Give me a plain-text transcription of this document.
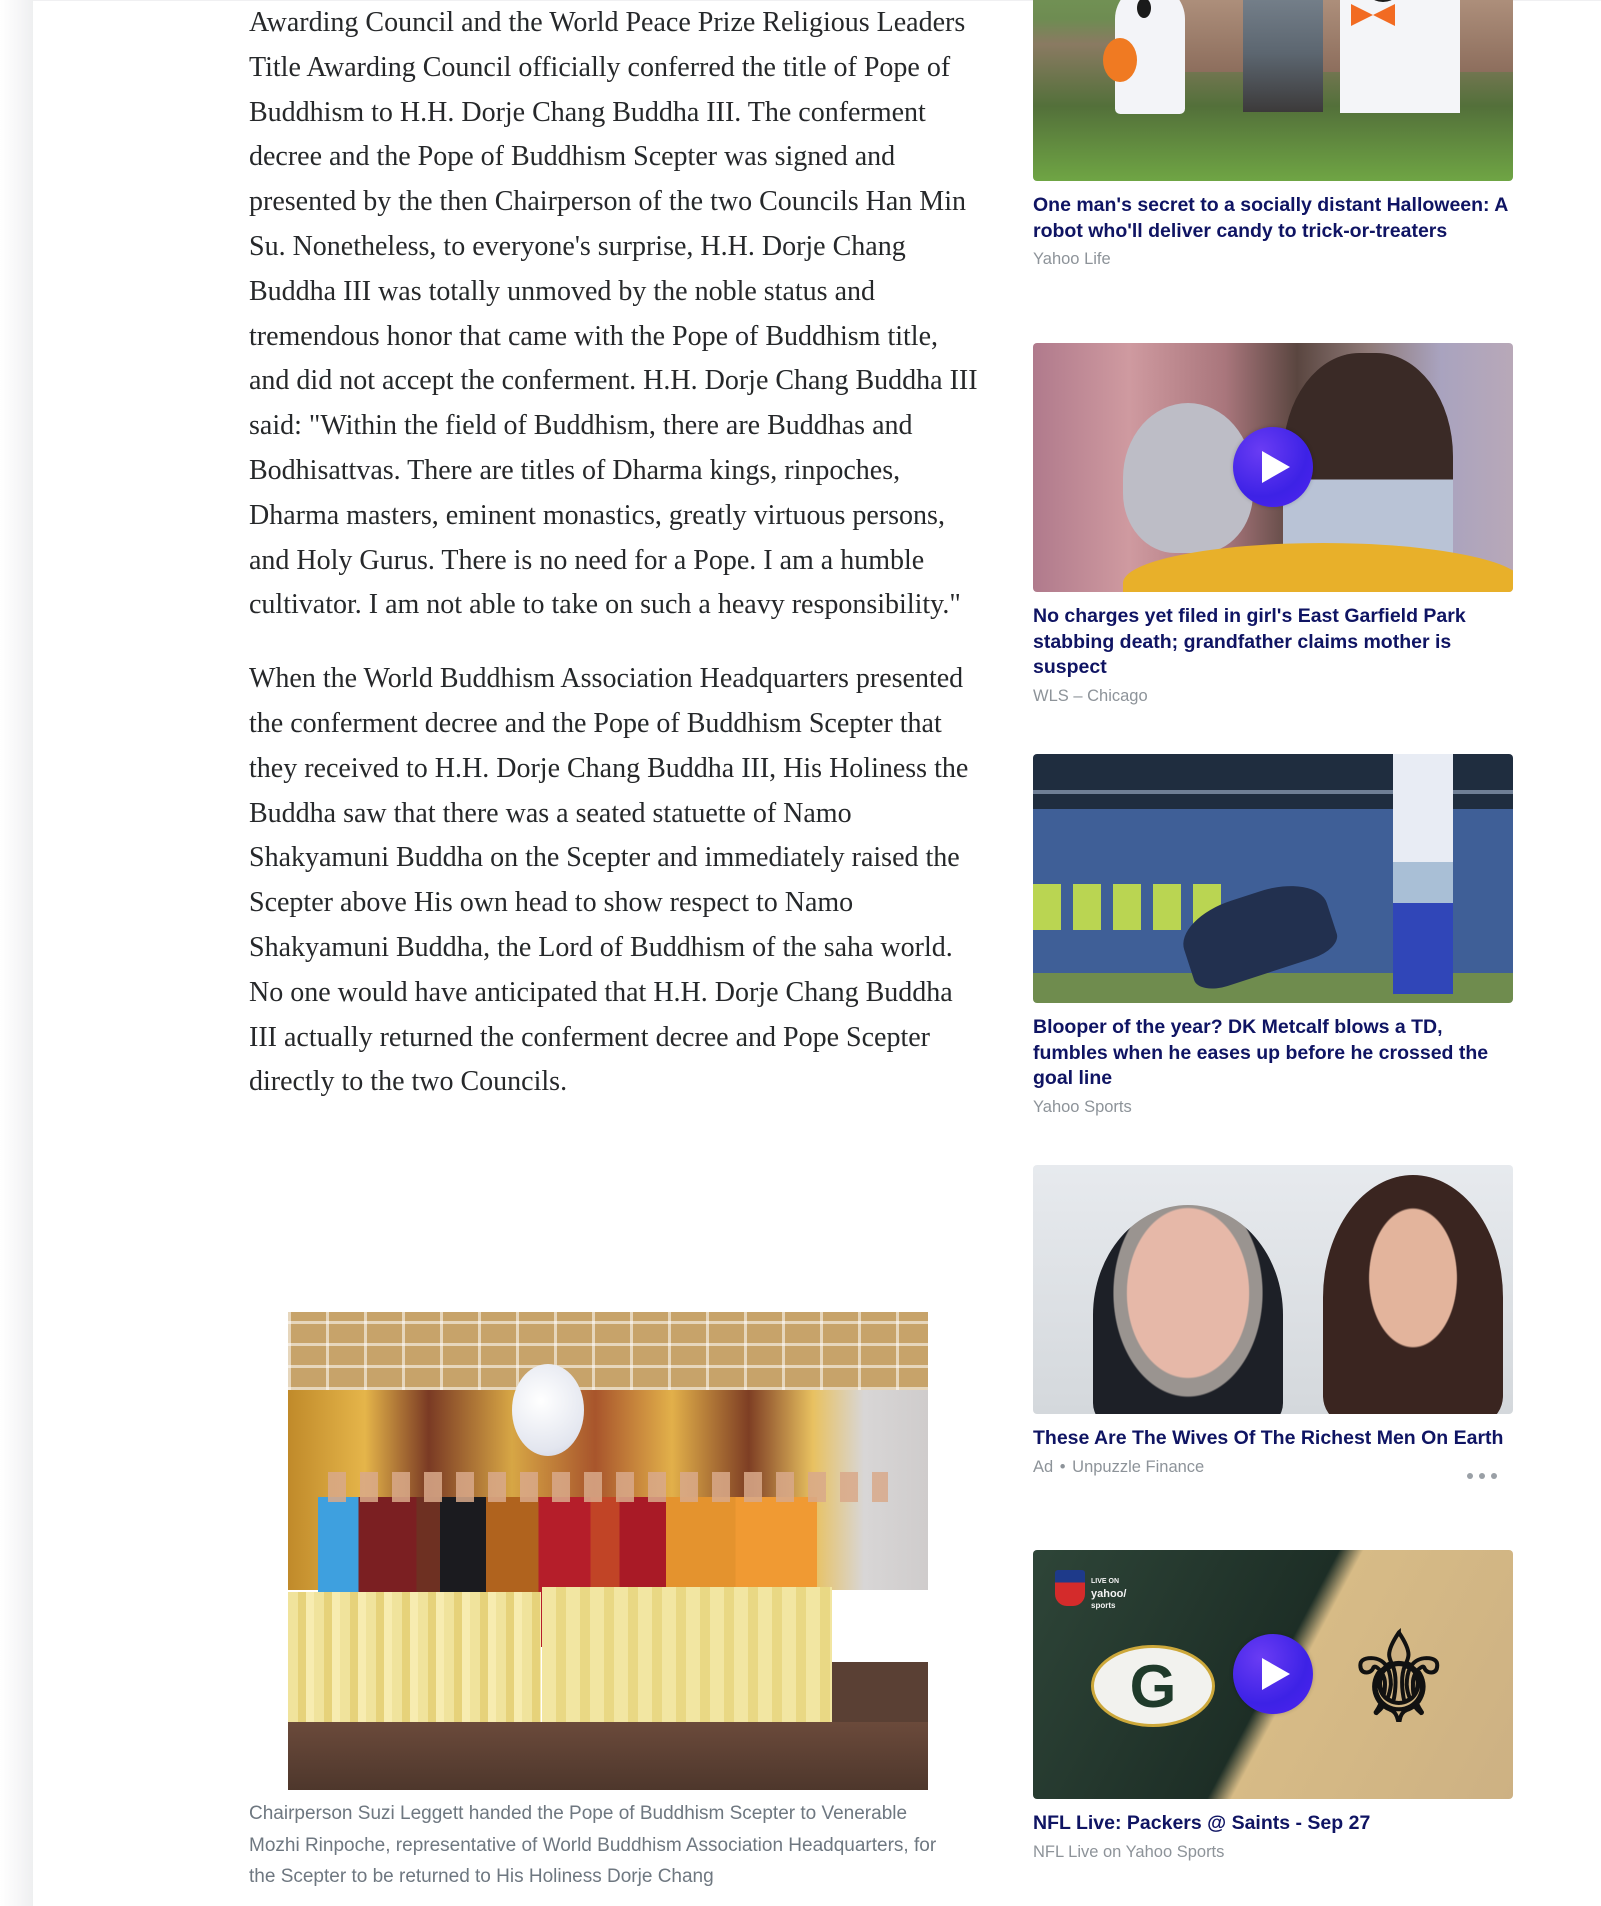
Awarding Council and the World Peace Prize Religious Leaders Title Awarding Council officially conferred the title of Pope of Buddhism to H.H. Dorje Chang Buddha III. The conferment decree and the Pope of Buddhism Scepter was signed and presented by the then Chairperson of the two Councils Han Min Su. Nonetheless, to everyone's surprise, H.H. Dorje Chang Buddha III was totally unmoved by the noble status and tremendous honor that came with the Pope of Buddhism title, and did not accept the conferment. H.H. Dorje Chang Buddha III said: "Within the field of Buddhism, there are Buddhas and Bodhisattvas. There are titles of Dharma kings, rinpoches, Dharma masters, eminent monastics, greatly virtuous persons, and Holy Gurus. There is no need for a Pope. I am a humble cultivator. I am not able to take on such a heavy responsibility."

When the World Buddhism Association Headquarters presented the conferment decree and the Pope of Buddhism Scepter that they received to H.H. Dorje Chang Buddha III, His Holiness the Buddha saw that there was a seated statuette of Namo Shakyamuni Buddha on the Scepter and immediately raised the Scepter above His own head to show respect to Namo Shakyamuni Buddha, the Lord of Buddhism of the saha world. No one would have anticipated that H.H. Dorje Chang Buddha III actually returned the conferment decree and Pope Scepter directly to the two Councils.

Chairperson Suzi Leggett handed the Pope of Buddhism Scepter to Venerable Mozhi Rinpoche, representative of World Buddhism Association Headquarters, for the Scepter to be returned to His Holiness Dorje Chang
One man's secret to a socially distant Halloween: A robot who'll deliver candy to trick-or-treaters
Yahoo Life
No charges yet filed in girl's East Garfield Park stabbing death; grandfather claims mother is suspect
WLS – Chicago
Blooper of the year? DK Metcalf blows a TD, fumbles when he eases up before he crossed the goal line
Yahoo Sports
These Are The Wives Of The Richest Men On Earth
Ad • Unpuzzle Finance
LIVE ON
yahoo/
sports
G	⚜
NFL Live: Packers @ Saints - Sep 27
NFL Live on Yahoo Sports
